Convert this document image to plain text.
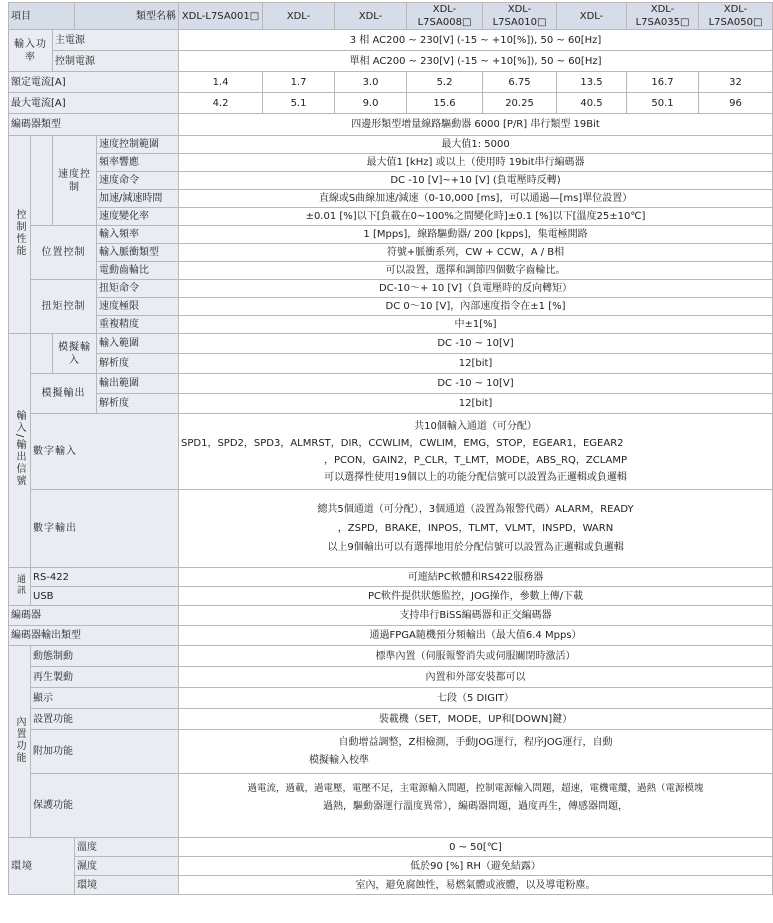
項目			類型名稱		XDL-L7SA001□	XDL-	XDL-	XDL-L7SA008□	XDL-L7SA010□	XDL-	XDL-L7SA035□	XDL-L7SA050□
輸入功率		主電源			3 相 AC200 ~ 230[V] (-15 ~ +10[%]), 50 ~ 60[Hz]							
		控制電源			單相 AC200 ~ 230[V] (-15 ~ +10[%]), 50 ~ 60[Hz]							
額定電流[A]					1.4	1.7	3.0	5.2	6.75	13.5	16.7	32
最大電流[A]					4.2	5.1	9.0	15.6	20.25	40.5	50.1	96
編碼器類型					四邊形類型增量線路驅動器 6000 [P/R] 串行類型 19Bit							
控制性能		速度控制		速度控制範圍	最大值1: 5000							
				頻率響應	最大值1 [kHz] 或以上（使用時 19bit串行編碼器							
				速度命令	DC -10 [V]~+10 [V] (負電壓時反轉)							
				加速/減速時間	直線或S曲線加速/減速（0-10,000 [ms]，可以通過—[ms]單位設置）							
				速度變化率	±0.01 [%]以下[負載在0~100%之間變化時]±0.1 [%]以下[溫度25±10℃]							
	位置控制			輸入頻率	1 [Mpps]，線路驅動器/ 200 [kpps]，集電極開路							
				輸入脈衝類型	符號+脈衝系列，CW + CCW，A / B相							
				電動齒輪比	可以設置，選擇和調節四個數字齒輪比。							
	扭矩控制			扭矩命令	DC-10～+ 10 [V]（負電壓時的反向轉矩）							
				速度極限	DC 0～10 [V]，內部速度指令在±1 [%]							
				重複精度	中±1[%]							
輸入/輸出信號		模擬輸入		輸入範圍	DC -10 ~ 10[V]							
				解析度	12[bit]							
	模擬輸出			輸出範圍	DC -10 ~ 10[V]							
				解析度	12[bit]							
	數字輸入				共10個輸入通道（可分配）
SPD1，SPD2，SPD3，ALMRST，DIR，CCWLIM，CWLIM，EMG，STOP，EGEAR1，EGEAR2
，PCON，GAIN2，P_CLR，T_LMT，MODE，ABS_RQ，ZCLAMP
可以選擇性使用19個以上的功能分配信號可以設置為正邏輯或負邏輯							

	數字輸出				總共5個通道（可分配），3個通道（設置為報警代碼）ALARM，READY
，ZSPD，BRAKE，INPOS，TLMT，VLMT，INSPD，WARN
以上9個輸出可以有選擇地用於分配信號可以設置為正邏輯或負邏輯							

通訊	RS-422				可連結PC軟體和RS422服務器							
	USB				PC軟件提供狀態監控，JOG操作，參數上傳/下載							
編碼器					支持串行BiSS編碼器和正交編碼器							
編碼器輸出類型					通過FPGA隨機預分頻輸出（最大值6.4 Mpps）							
內置功能	動態制動				標準內置（伺服報警消失或伺服關閉時激活）							
	再生製動				內置和外部安裝都可以							
	顯示				七段（5 DIGIT）							
	設置功能				裝載機（SET，MODE，UP和[DOWN]鍵）							
	附加功能				自動增益調整，Z相檢測，手動JOG運行，程序JOG運行，自動
模擬輸入校準							

	保護功能				過電流，過載，過電壓，電壓不足，主電源輸入問題，控制電源輸入問題，超速，電機電纜，過熱（電源模塊
過熱，驅動器運行溫度異常），編碼器問題，過度再生，傳感器問題，							

環境			溫度		0 ~ 50[℃]							
			濕度		低於90 [%] RH（避免結露）							
			環境		室內，避免腐蝕性，易燃氣體或液體，以及導電粉塵。							
